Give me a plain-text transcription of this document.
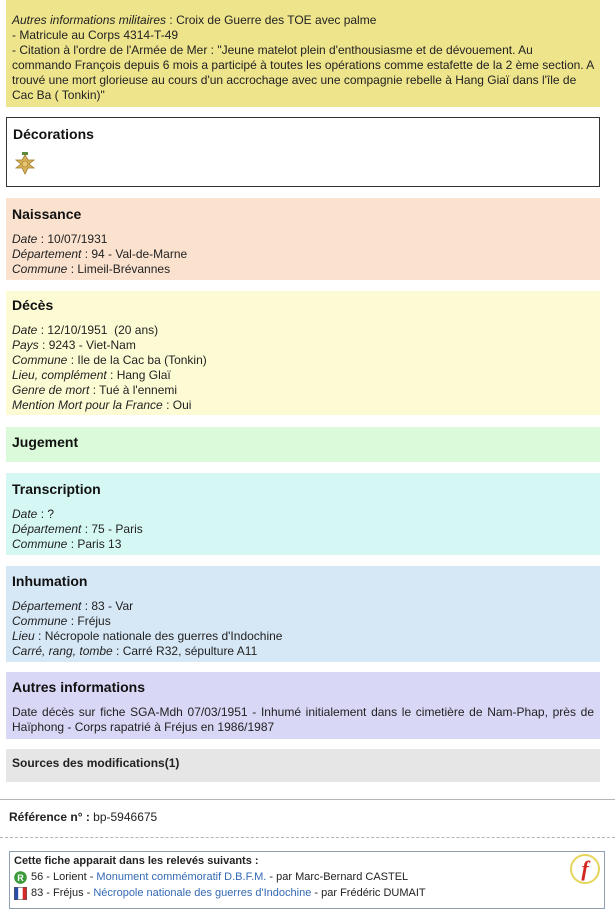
Autres informations militaires : Croix de Guerre des TOE avec palme
- Matricule au Corps 4314-T-49
- Citation à l'ordre de l'Armée de Mer : "Jeune matelot plein d'enthousiasme et de dévouement. Au commando François depuis 6 mois a participé à toutes les opérations comme estafette de la 2 ème section. A trouvé une mort glorieuse au cours d'un accrochage avec une compagnie rebelle à Hang Giaï dans l'île de Cac Ba ( Tonkin)"
Décorations
Naissance
Date : 10/07/1931
Département : 94 - Val-de-Marne
Commune : Limeil-Brévannes
Décès
Date : 12/10/1951  (20 ans)
Pays : 9243 - Viet-Nam
Commune : Ile de la Cac ba (Tonkin)
Lieu, complément : Hang Glaï
Genre de mort : Tué à l'ennemi
Mention Mort pour la France : Oui
Jugement
Transcription
Date : ?
Département : 75 - Paris
Commune : Paris 13
Inhumation
Département : 83 - Var
Commune : Fréjus
Lieu : Nécropole nationale des guerres d'Indochine
Carré, rang, tombe : Carré R32, sépulture A11
Autres informations
Date décès sur fiche SGA-Mdh 07/03/1951 - Inhumé initialement dans le cimetière de Nam-Phap, près de Haïphong - Corps rapatrié à Fréjus en 1986/1987
Sources des modifications(1)
Référence n° : bp-5946675
Cette fiche apparait dans les relevés suivants :
R 56 - Lorient - Monument commémoratif D.B.F.M. - par Marc-Bernard CASTEL
83 - Fréjus - Nécropole nationale des guerres d'Indochine - par Frédéric DUMAIT
f
